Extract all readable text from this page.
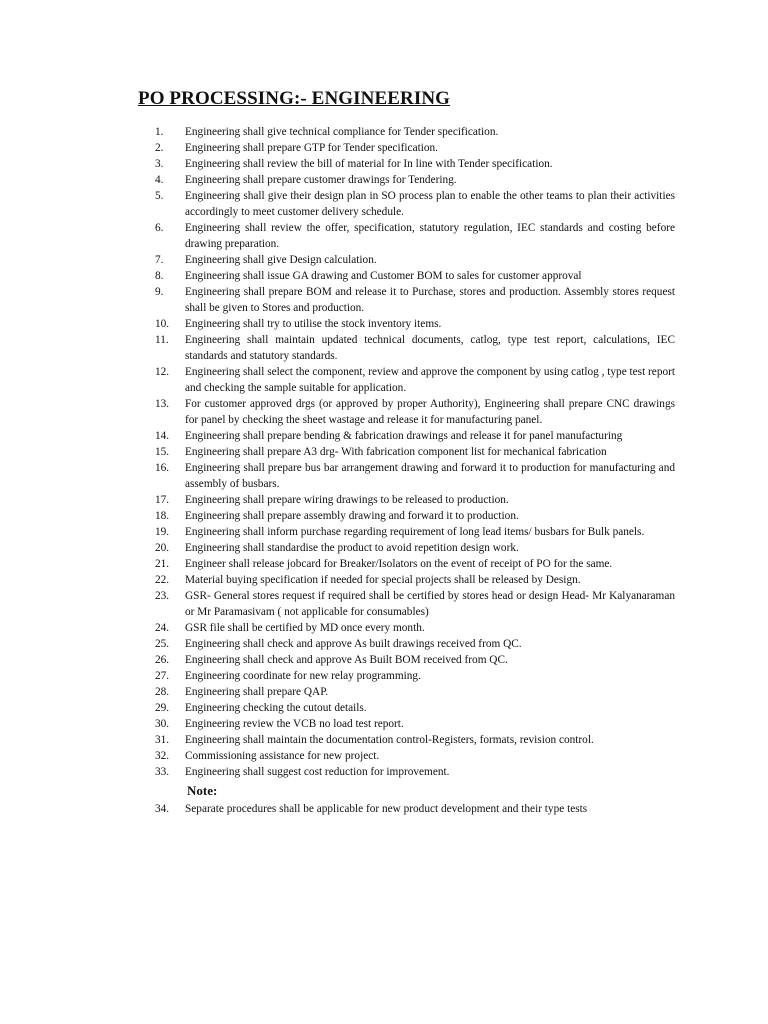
PO PROCESSING:- ENGINEERING
1.	Engineering shall give technical compliance for Tender specification.
2.	Engineering shall prepare GTP for Tender specification.
3.	Engineering shall review the bill of material for In line with Tender specification.
4.	Engineering shall prepare customer drawings for Tendering.
5.	Engineering shall give their design plan in SO process plan to enable the other teams to plan their activities accordingly to meet customer delivery schedule.
6.	Engineering shall review the offer, specification, statutory regulation, IEC standards and costing before drawing preparation.
7.	Engineering shall give Design calculation.
8.	Engineering shall issue GA drawing and Customer BOM to sales for customer approval
9.	Engineering shall prepare BOM and release it to Purchase, stores and production. Assembly stores request shall be given to Stores and production.
10.	Engineering shall try to utilise the stock inventory items.
11.	Engineering shall maintain updated technical documents, catlog, type test report, calculations, IEC standards and statutory standards.
12.	Engineering shall select the component, review and approve the component by using catlog , type test report and checking the sample suitable for application.
13.	For customer approved drgs (or approved by proper Authority), Engineering shall prepare CNC drawings for panel by checking the sheet wastage and release it for manufacturing panel.
14.	Engineering shall prepare bending & fabrication drawings and release it for panel manufacturing
15.	Engineering shall prepare A3 drg- With fabrication component list for mechanical fabrication
16.	Engineering shall prepare bus bar arrangement drawing and forward it to production for manufacturing and assembly of busbars.
17.	Engineering shall prepare wiring drawings to be released to production.
18.	Engineering shall prepare assembly drawing and forward it to production.
19.	Engineering shall inform purchase regarding requirement of long lead items/ busbars for Bulk panels.
20.	Engineering shall standardise the product to avoid repetition design work.
21.	Engineer shall release jobcard for Breaker/Isolators on the event of receipt of PO for the same.
22.	Material buying specification if needed for special projects shall be released by Design.
23.	GSR- General stores request if required shall be certified by stores head or design Head- Mr Kalyanaraman or Mr Paramasivam ( not applicable for consumables)
24.	GSR file shall be certified by MD once every month.
25.	Engineering shall check and approve As built drawings received from QC.
26.	Engineering shall check and approve As Built BOM received from QC.
27.	Engineering coordinate for new relay programming.
28.	Engineering shall prepare QAP.
29.	Engineering checking the cutout details.
30.	Engineering review the VCB no load test report.
31.	Engineering shall maintain the documentation control-Registers, formats, revision control.
32.	Commissioning assistance for new project.
33.	Engineering shall suggest cost reduction for improvement.
Note:
34.	Separate procedures shall be applicable for new product development and their type tests
